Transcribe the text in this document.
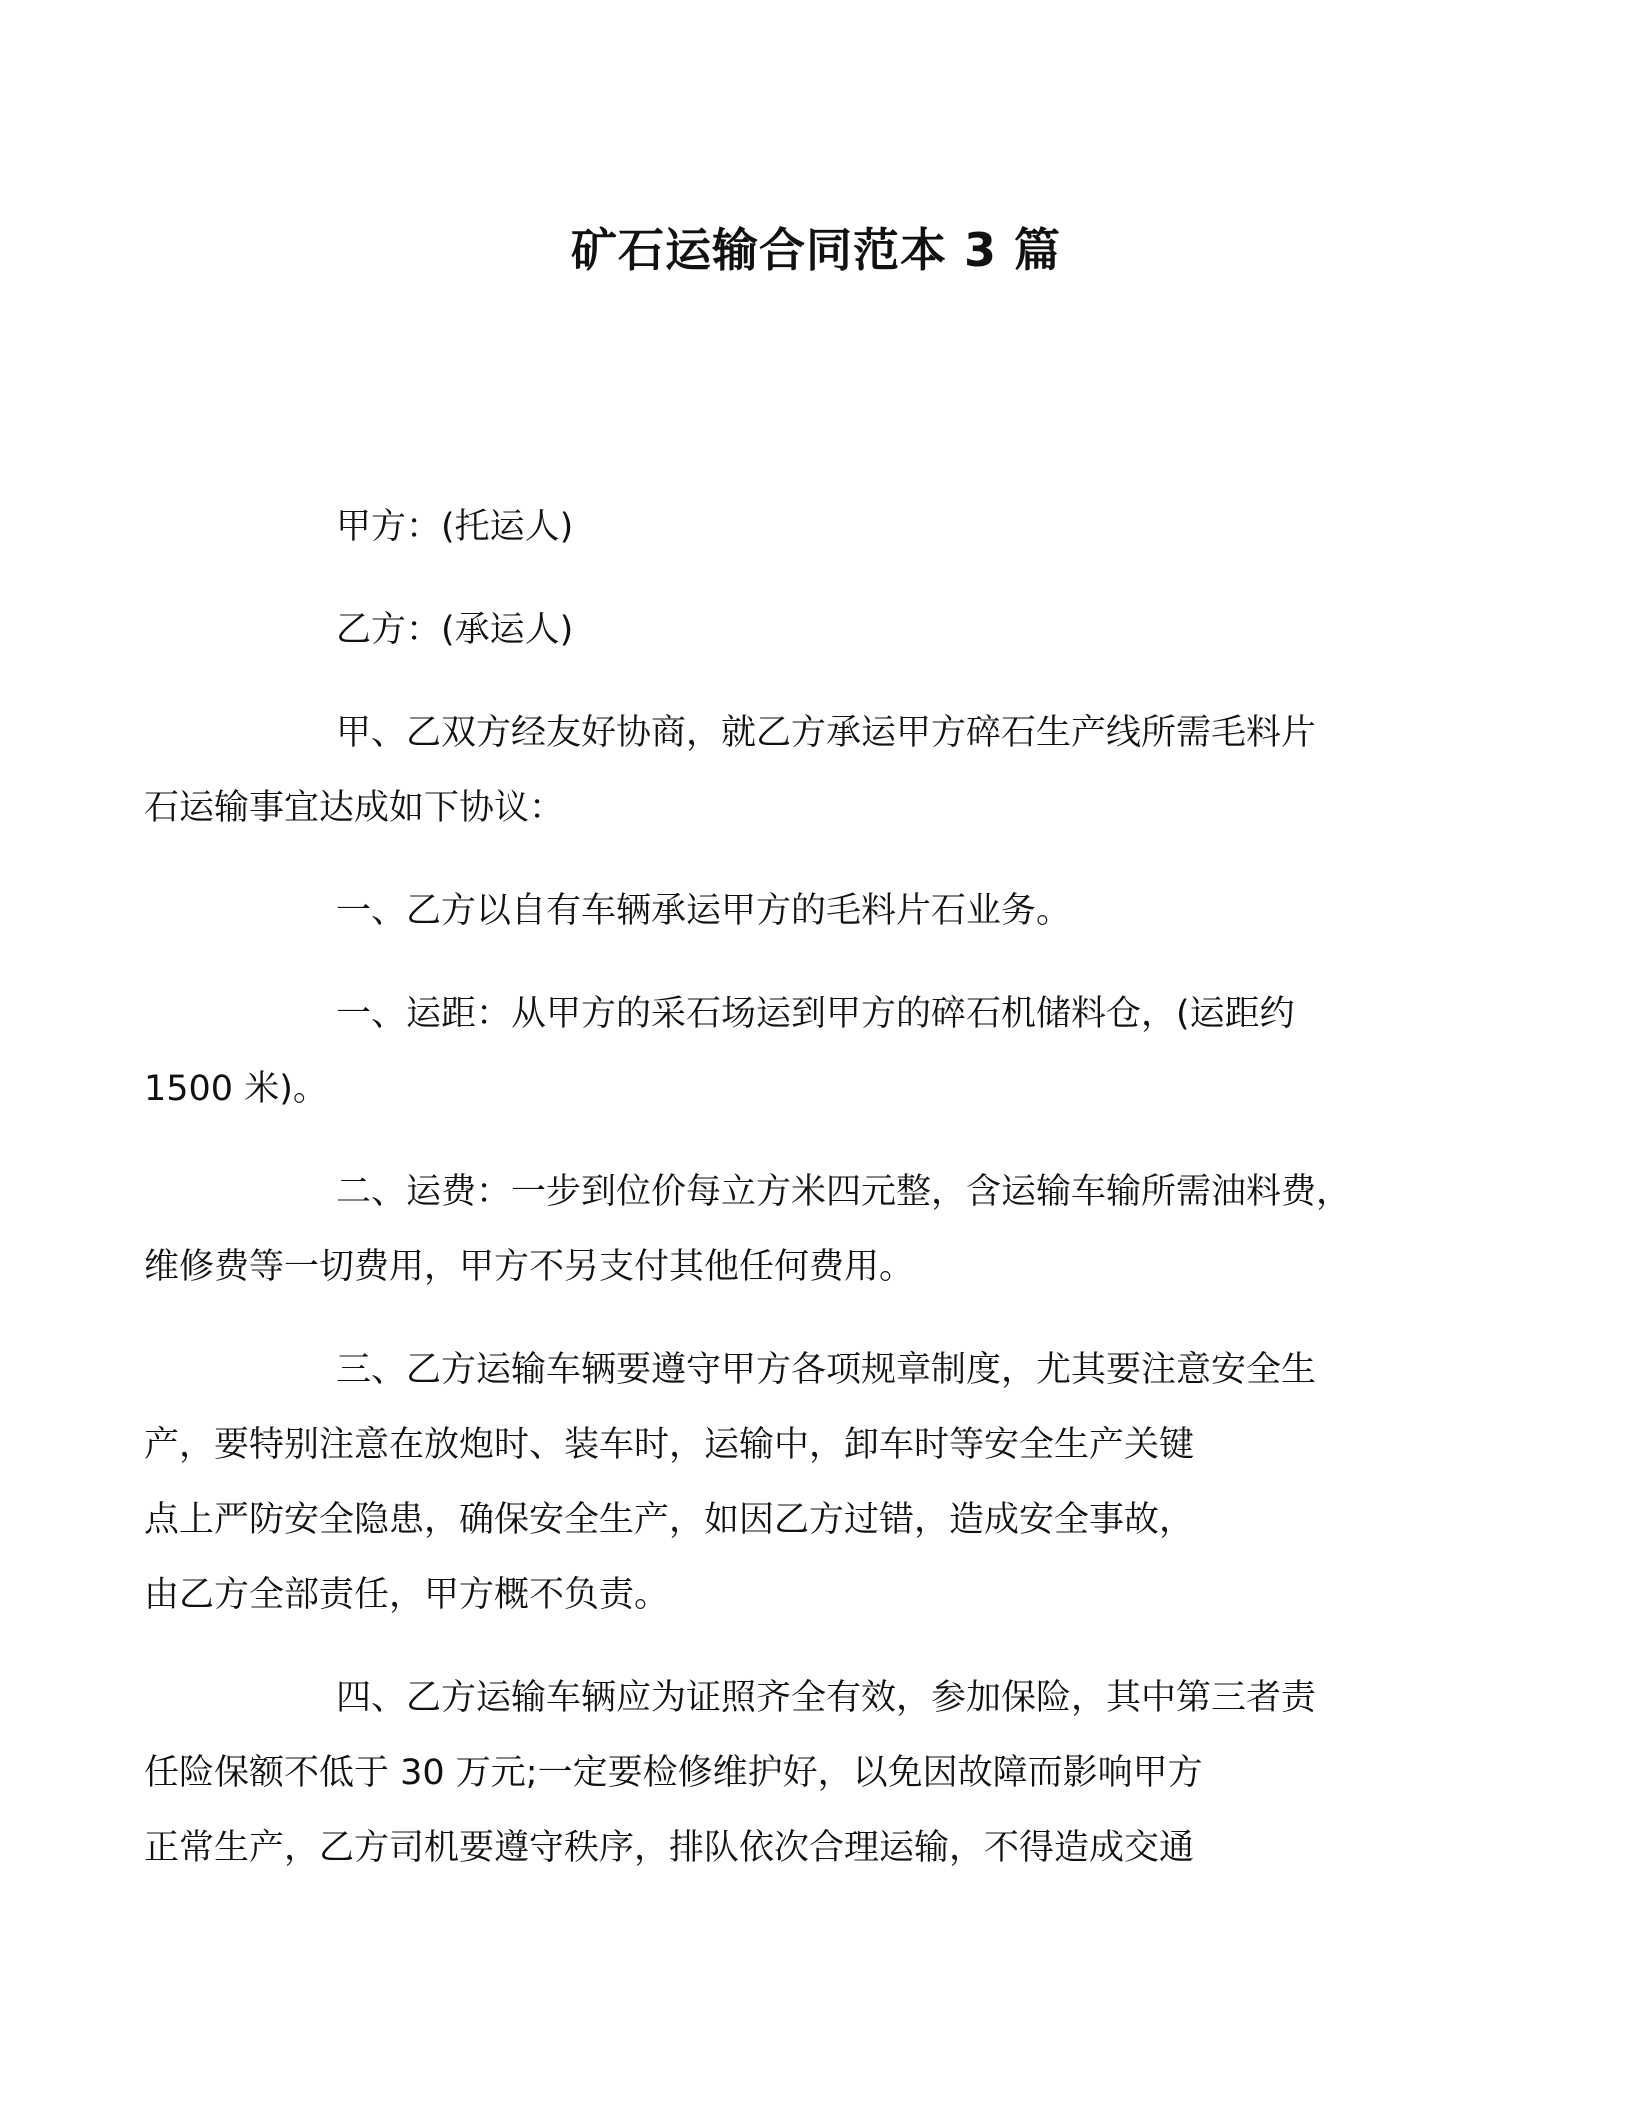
矿石运输合同范本 3 篇

甲方：(托运人)

乙方：(承运人)

甲、乙双方经友好协商，就乙方承运甲方碎石生产线所需毛料片
石运输事宜达成如下协议：

一、乙方以自有车辆承运甲方的毛料片石业务。

一、运距：从甲方的采石场运到甲方的碎石机储料仓，(运距约
1500 米)。

二、运费：一步到位价每立方米四元整，含运输车输所需油料费，
维修费等一切费用，甲方不另支付其他任何费用。

三、乙方运输车辆要遵守甲方各项规章制度，尤其要注意安全生
产，要特别注意在放炮时、装车时，运输中，卸车时等安全生产关键
点上严防安全隐患，确保安全生产，如因乙方过错，造成安全事故，
由乙方全部责任，甲方概不负责。

四、乙方运输车辆应为证照齐全有效，参加保险，其中第三者责
任险保额不低于 30 万元;一定要检修维护好，以免因故障而影响甲方
正常生产，乙方司机要遵守秩序，排队依次合理运输，不得造成交通
